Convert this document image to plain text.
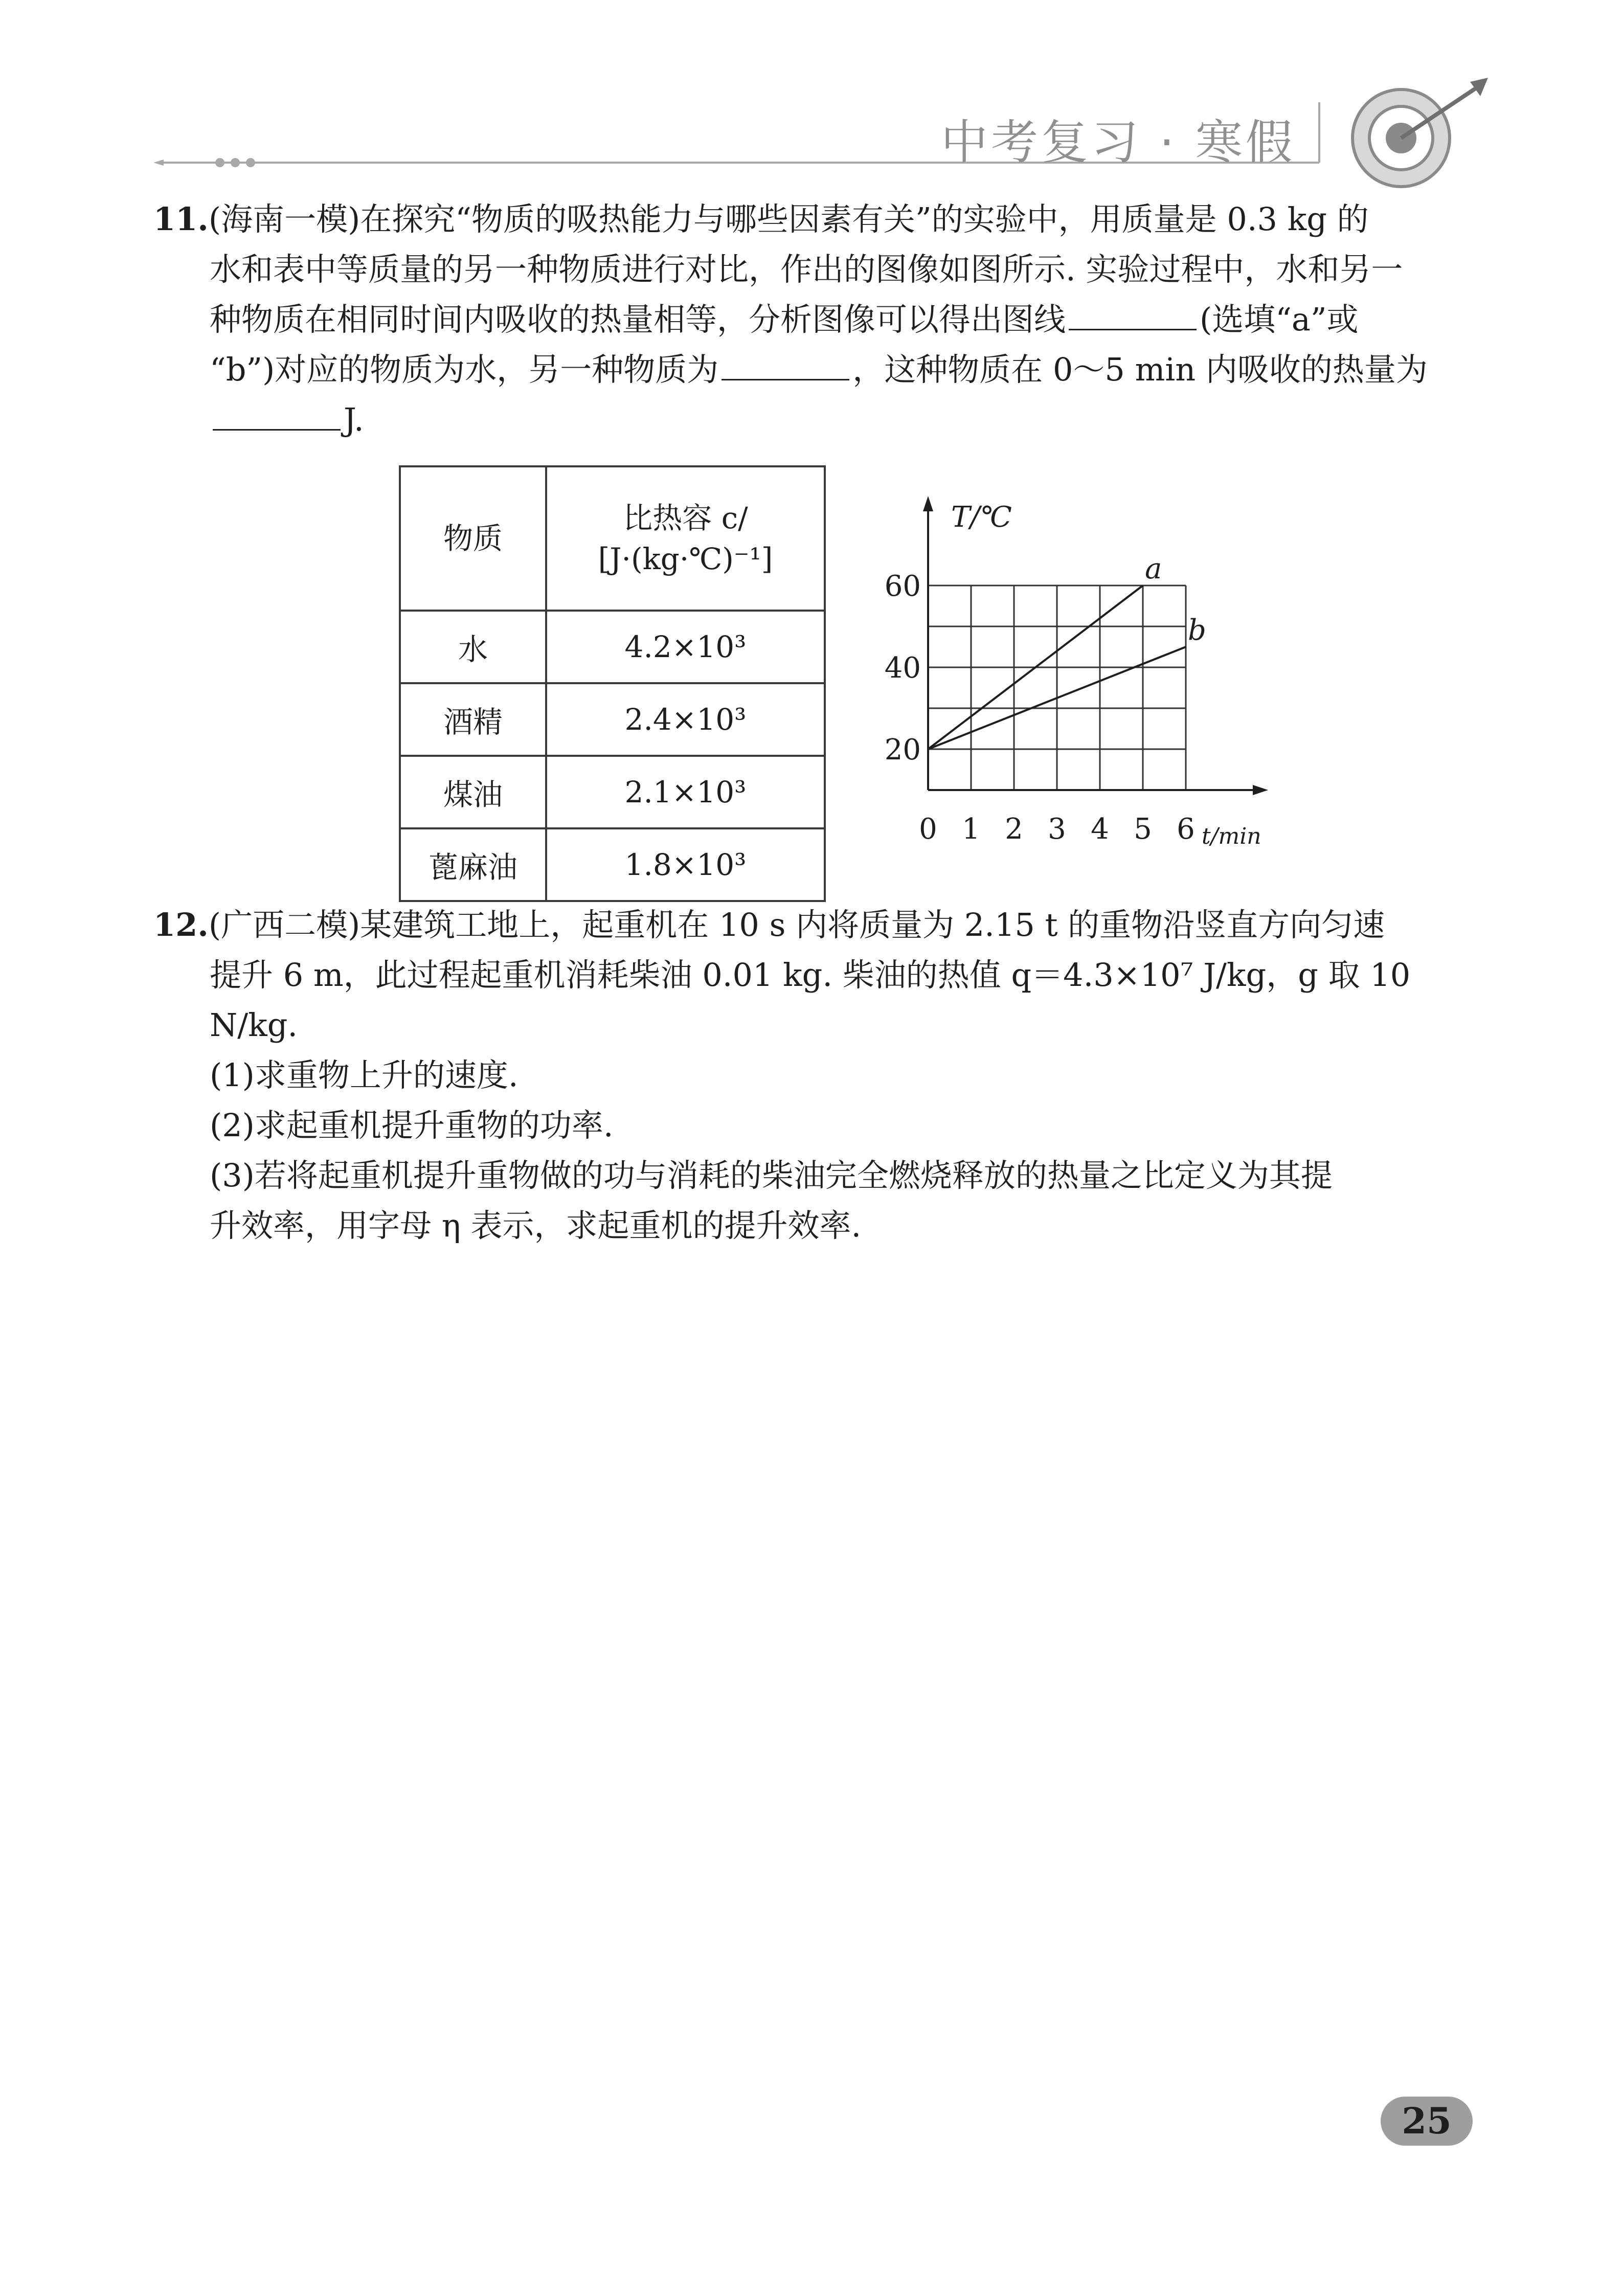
中考复习 · 寒假

11.(海南一模)在探究“物质的吸热能力与哪些因素有关”的实验中，用质量是 0.3 kg 的

水和表中等质量的另一种物质进行对比，作出的图像如图所示. 实验过程中，水和另一

种物质在相同时间内吸收的热量相等，分析图像可以得出图线	(选填“a”或

“b”)对应的物质为水，另一种物质为	，这种物质在 0～5 min 内吸收的热量为

J.

物质	比热容 c/
[J·(kg·℃)⁻¹]

水	4.2×10³
酒精	2.4×10³
煤油	2.1×10³
蓖麻油	1.8×10³
0 1 2 3 4 5 6
20
40
60
a
b
T/℃
t/min

12.(广西二模)某建筑工地上，起重机在 10 s 内将质量为 2.15 t 的重物沿竖直方向匀速

提升 6 m，此过程起重机消耗柴油 0.01 kg. 柴油的热值 q＝4.3×10⁷ J/kg，g 取 10

N/kg.

(1)求重物上升的速度.

(2)求起重机提升重物的功率.

(3)若将起重机提升重物做的功与消耗的柴油完全燃烧释放的热量之比定义为其提

升效率，用字母 η 表示，求起重机的提升效率.

25
